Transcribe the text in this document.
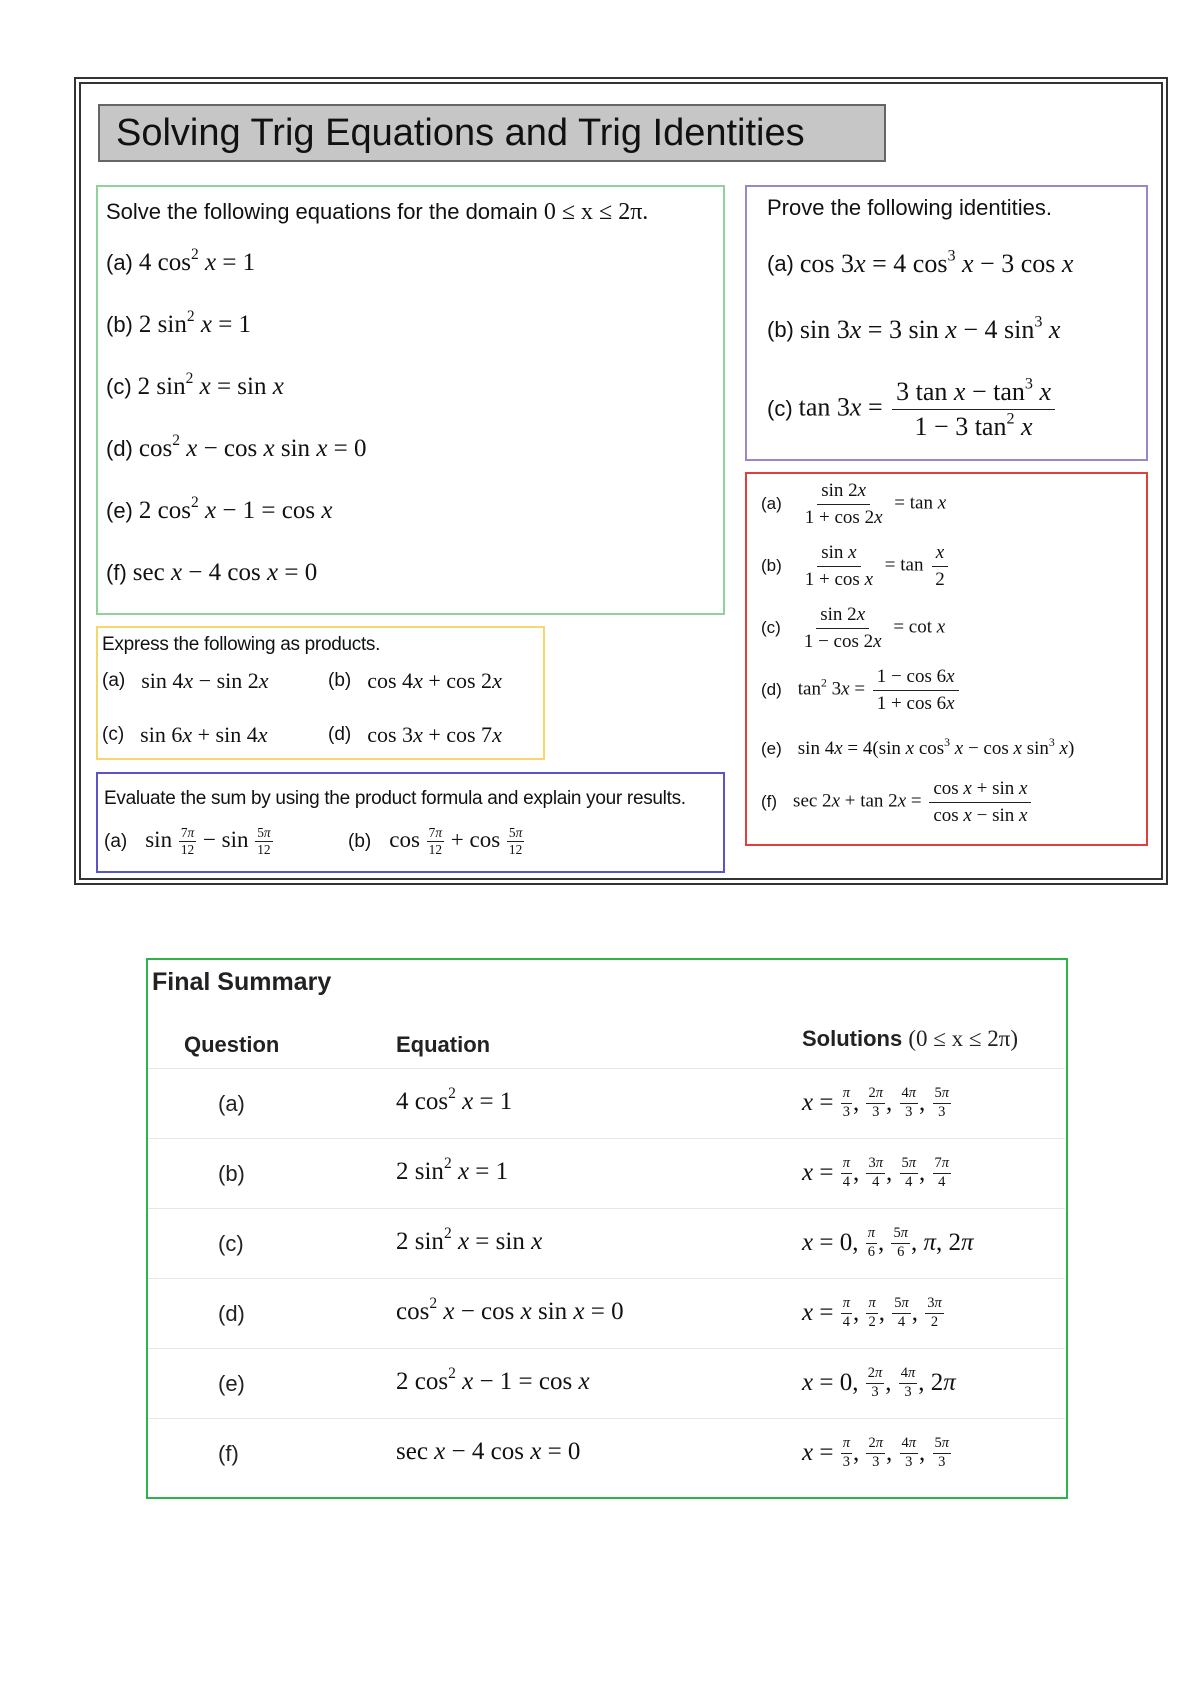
Solving Trig Equations and Trig Identities
Solve the following equations for the domain 0 ≤ x ≤ 2π.
(a) 4 $\cos^2 x = 1$
(b) 2 $\sin^2 x = 1$
(c) 2 $\sin^2 x = \sin x$
(d) $\cos^2 x - \cos x$ sin x = 0
(e) 2 $\cos^2 x - 1 = \cos x$
(f) sec x − 4 cos x = 0
Prove the following identities.
(a) cos 3x = 4 $\cos^3 x - 3$ cos x
(b) sin 3x = 3 sin x − 4 $\sin^3 x$
(c) $\tan 3x = \frac{3 \tan x - \tan^3 x}{1 - 3 \tan^2 x}$
$(a) \frac{\sin 2x}{1 + \cos 2x} = \tan x$
$(b) \frac{\text{sin x}}{\text{1 + cos x}} = \tan \frac{x}{2}$
$(c) \frac{\sin 2x}{1 - \cos 2x} = \cot x$
(d) $\tan^2 3x = \frac{1 - \cos 6x}{1 + \cos 6x}$
(e) sin 4x = 4(sin x $\cos^3 x - \cos x$ $\sin^3 x$)
(f) $\sec 2x + \tan 2x = \frac{\text{cos x + sin x}}{\text{cos x − sin x}}$
Express the following as products.
(a) sin 4x − sin 2x	(b) cos 4x + cos 2x
(c) sin 6x + sin 4x	(d) cos 3x + cos 7x
Evaluate the sum by using the product formula and explain your results.
(a) $\sin \frac{7\pi}{12} - \sin \frac{5\pi}{12}$	(b) $\cos \frac{7\pi}{12} + \cos \frac{5\pi}{12}$
Final Summary
Question	Equation	Solutions (0 ≤ x ≤ 2π)
(a)	4 $\cos^2 x = 1$	$x = \frac{\pi}{3}$ , $\frac{2\pi}{3}$ , $\frac{4\pi}{3}$ , $\frac{5\pi}{3}$
(b)	2 $\sin^2 x = 1$	$x = \frac{\pi}{4}$ , $\frac{3\pi}{4}$ , $\frac{5\pi}{4}$ , $\frac{7\pi}{4}$
(c)	2 $\sin^2 x = \sin x$	x = 0, $\frac{\pi}{6}$ , $\frac{5\pi}{6}$ , π , 2 π
(d)	$\cos^2 x - \cos x$ sin x = 0	$x = \frac{\pi}{4}$ , $\frac{\pi}{2}$ , $\frac{5\pi}{4}$ , $\frac{3\pi}{2}$
(e)	2 $\cos^2 x - 1 = \cos x$	x = 0, $\frac{2\pi}{3}$ , $\frac{4\pi}{3}$ , 2 π
(f)	sec x − 4 cos x = 0	$x = \frac{\pi}{3}$ , $\frac{2\pi}{3}$ , $\frac{4\pi}{3}$ , $\frac{5\pi}{3}$
